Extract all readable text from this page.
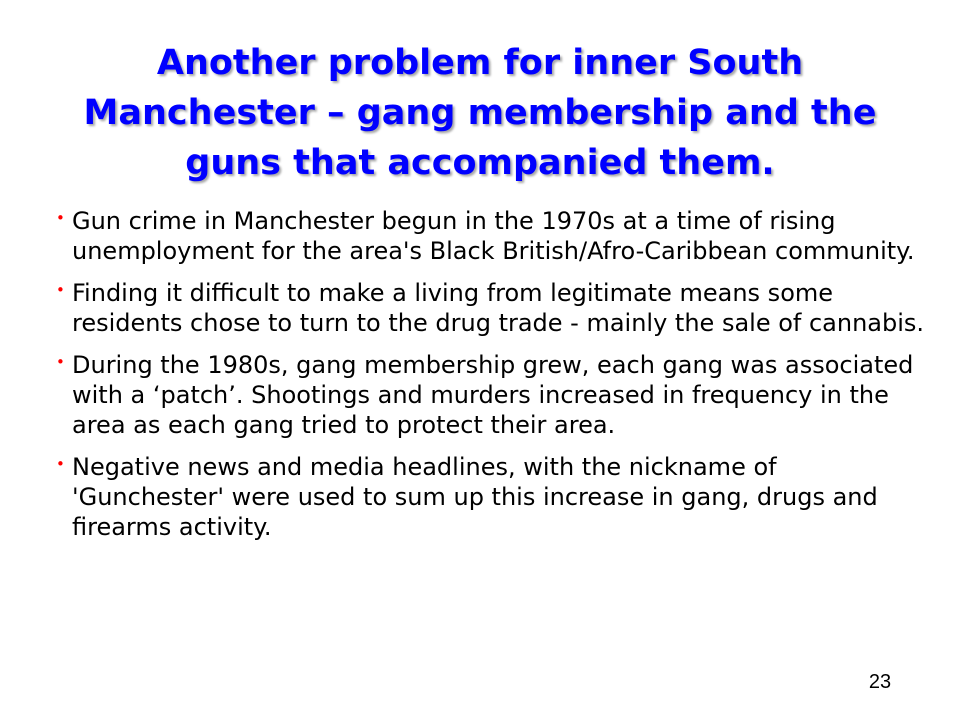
Another problem for inner South Manchester – gang membership and the guns that accompanied them.
• Gun crime in Manchester begun in the 1970s at a time of rising unemployment for the area's Black British/Afro-Caribbean community.
• Finding it difficult to make a living from legitimate means some residents chose to turn to the drug trade - mainly the sale of cannabis.
• During the 1980s, gang membership grew, each gang was associated with a ‘patch’. Shootings and murders increased in frequency in the area as each gang tried to protect their area.
• Negative news and media headlines, with the nickname of 'Gunchester' were used to sum up this increase in gang, drugs and firearms activity.
23
